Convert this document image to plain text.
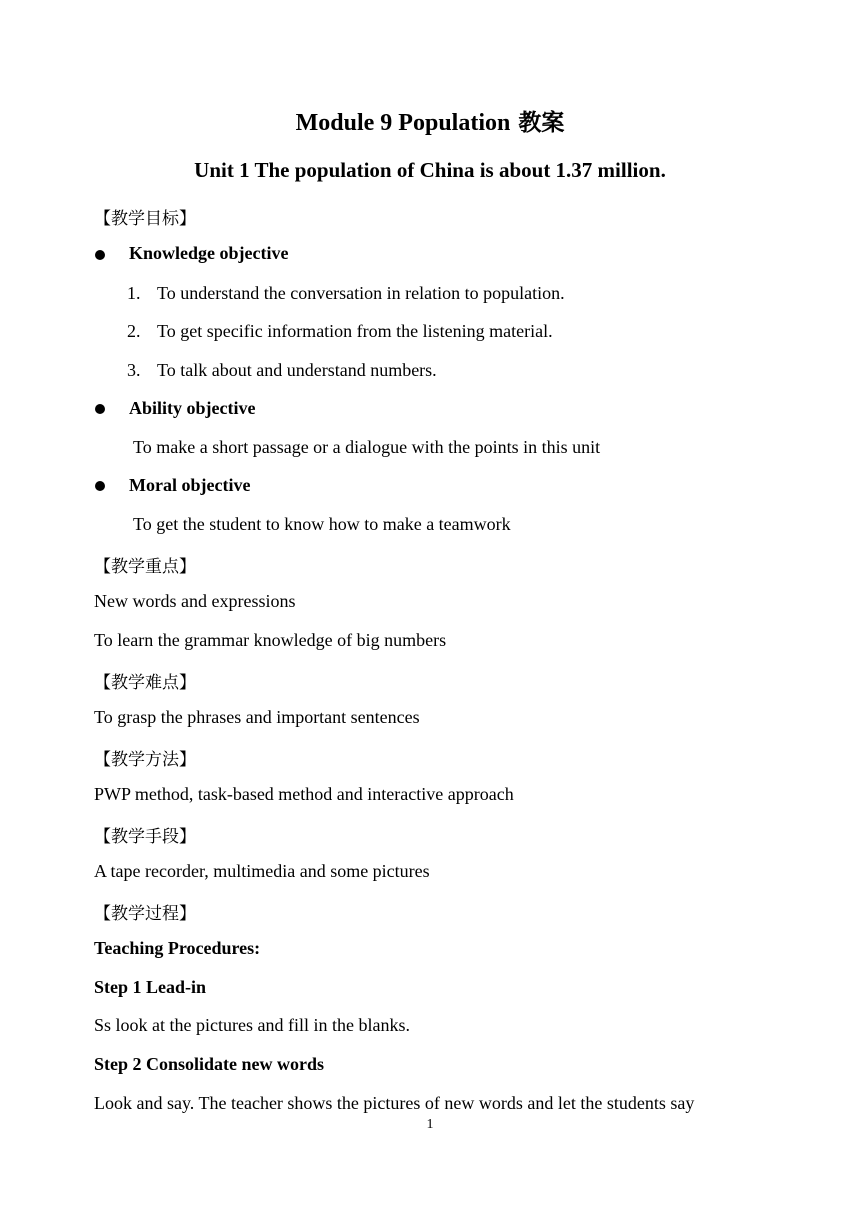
Module 9 Population 教案
Unit 1 The population of China is about 1.37 million.
【教学目标】
Knowledge objective
1. To understand the conversation in relation to population.
2. To get specific information from the listening material.
3. To talk about and understand numbers.
Ability objective
To make a short passage or a dialogue with the points in this unit
Moral objective
To get the student to know how to make a teamwork
【教学重点】
New words and expressions
To learn the grammar knowledge of big numbers
【教学难点】
To grasp the phrases and important sentences
【教学方法】
PWP method, task-based method and interactive approach
【教学手段】
A tape recorder, multimedia and some pictures
【教学过程】
Teaching Procedures:
Step 1 Lead-in
Ss look at the pictures and fill in the blanks.
Step 2 Consolidate new words
Look and say. The teacher shows the pictures of new words and let the students say
1
